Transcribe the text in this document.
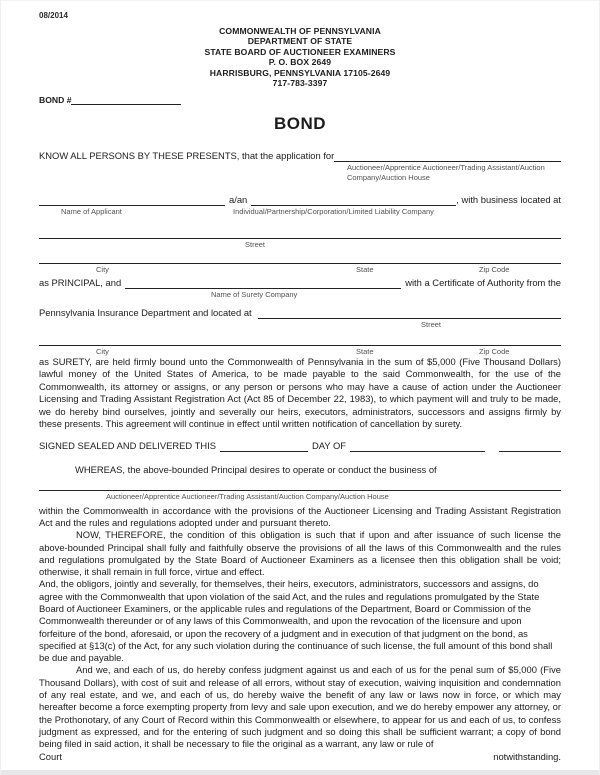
08/2014
COMMONWEALTH OF PENNSYLVANIA
DEPARTMENT OF STATE
STATE BOARD OF AUCTIONEER EXAMINERS
P. O. BOX 2649
HARRISBURG, PENNSYLVANIA 17105-2649
717-783-3397
BOND #
BOND
KNOW ALL PERSONS BY THESE PRESENTS, that the application for
Auctioneer/Apprentice Auctioneer/Trading Assistant/Auction
Company/Auction House
a/an	, with business located at
Name of Applicant	Individual/Partnership/Corporation/Limited Liability Company
Street
City	State	Zip Code
as PRINCIPAL, and	with a Certificate of Authority from the
Name of Surety Company
Pennsylvania Insurance Department and located at
Street
City	State	Zip Code
as SURETY, are held firmly bound unto the Commonwealth of Pennsylvania in the sum of $5,000 (Five Thousand Dollars) lawful money of the United States of America, to be made payable to the said Commonwealth, for the use of the Commonwealth, its attorney or assigns, or any person or persons who may have a cause of action under the Auctioneer Licensing and Trading Assistant Registration Act (Act 85 of December 22, 1983), to which payment will and truly to be made, we do hereby bind ourselves, jointly and severally our heirs, executors, administrators, successors and assigns firmly by these presents. This agreement will continue in effect until written notification of cancellation by surety.
SIGNED SEALED AND DELIVERED THIS	DAY OF
WHEREAS, the above-bounded Principal desires to operate or conduct the business of
Auctioneer/Apprentice Auctioneer/Trading Assistant/Auction Company/Auction House
within the Commonwealth in accordance with the provisions of the Auctioneer Licensing and Trading Assistant Registration Act and the rules and regulations adopted under and pursuant thereto.
NOW, THEREFORE, the condition of this obligation is such that if upon and after issuance of such license the above-bounded Principal shall fully and faithfully observe the provisions of all the laws of this Commonwealth and the rules and regulations promulgated by the State Board of Auctioneer Examiners as a licensee then this obligation shall be void; otherwise, it shall remain in full force, virtue and effect.
And, the obligors, jointly and severally, for themselves, their heirs, executors, administrators, successors and assigns, do agree with the Commonwealth that upon violation of the said Act, and the rules and regulations promulgated by the State Board of Auctioneer Examiners, or the applicable rules and regulations of the Department, Board or Commission of the Commonwealth thereunder or of any laws of this Commonwealth, and upon the revocation of the licensure and upon forfeiture of the bond, aforesaid, or upon the recovery of a judgment and in execution of that judgment on the bond, as specified at §13(c) of the Act, for any such violation during the continuance of such license, the full amount of this bond shall be due and payable.
And we, and each of us, do hereby confess judgment against us and each of us for the penal sum of $5,000 (Five Thousand Dollars), with cost of suit and release of all errors, without stay of execution, waiving inquisition and condemnation of any real estate, and we, and each of us, do hereby waive the benefit of any law or laws now in force, or which may hereafter become a force exempting property from levy and sale upon execution, and we do hereby empower any attorney, or the Prothonotary, of any Court of Record within this Commonwealth or elsewhere, to appear for us and each of us, to confess judgment as expressed, and for the entering of such judgment and so doing this shall be sufficient warrant; a copy of bond being filed in said action, it shall be necessary to file the original as a warrant, any law or rule of
Court	notwithstanding.
